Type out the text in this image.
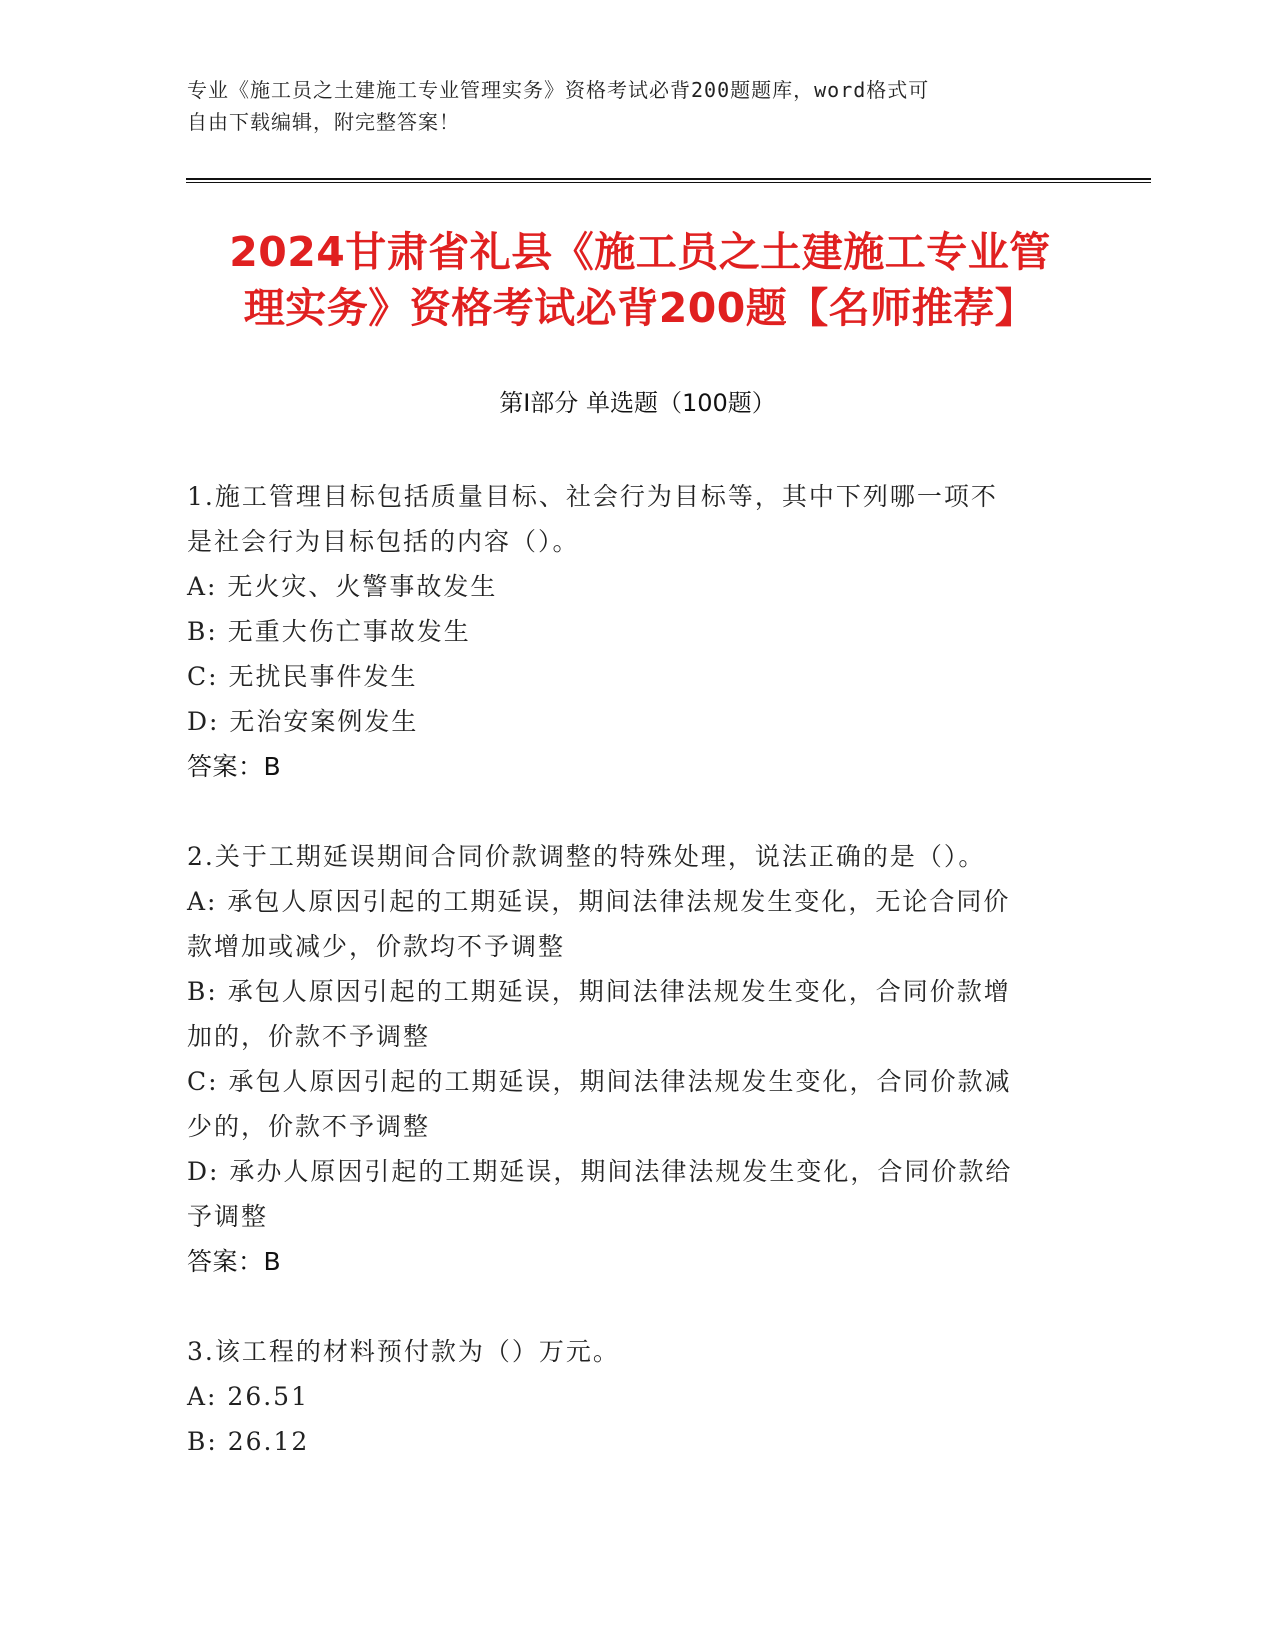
专业《施工员之土建施工专业管理实务》资格考试必背200题题库，word格式可
自由下载编辑，附完整答案！
2024甘肃省礼县《施工员之土建施工专业管
理实务》资格考试必背200题【名师推荐】
第Ⅰ部分 单选题（100题）
1.施工管理目标包括质量目标、社会行为目标等，其中下列哪一项不
是社会行为目标包括的内容（）。
A: 无火灾、火警事故发生
B: 无重大伤亡事故发生
C: 无扰民事件发生
D: 无治安案例发生
答案：B
2.关于工期延误期间合同价款调整的特殊处理，说法正确的是（）。
A: 承包人原因引起的工期延误，期间法律法规发生变化，无论合同价
款增加或减少，价款均不予调整
B: 承包人原因引起的工期延误，期间法律法规发生变化，合同价款增
加的，价款不予调整
C: 承包人原因引起的工期延误，期间法律法规发生变化，合同价款减
少的，价款不予调整
D: 承办人原因引起的工期延误，期间法律法规发生变化，合同价款给
予调整
答案：B
3.该工程的材料预付款为（）万元。
A: 26.51
B: 26.12
